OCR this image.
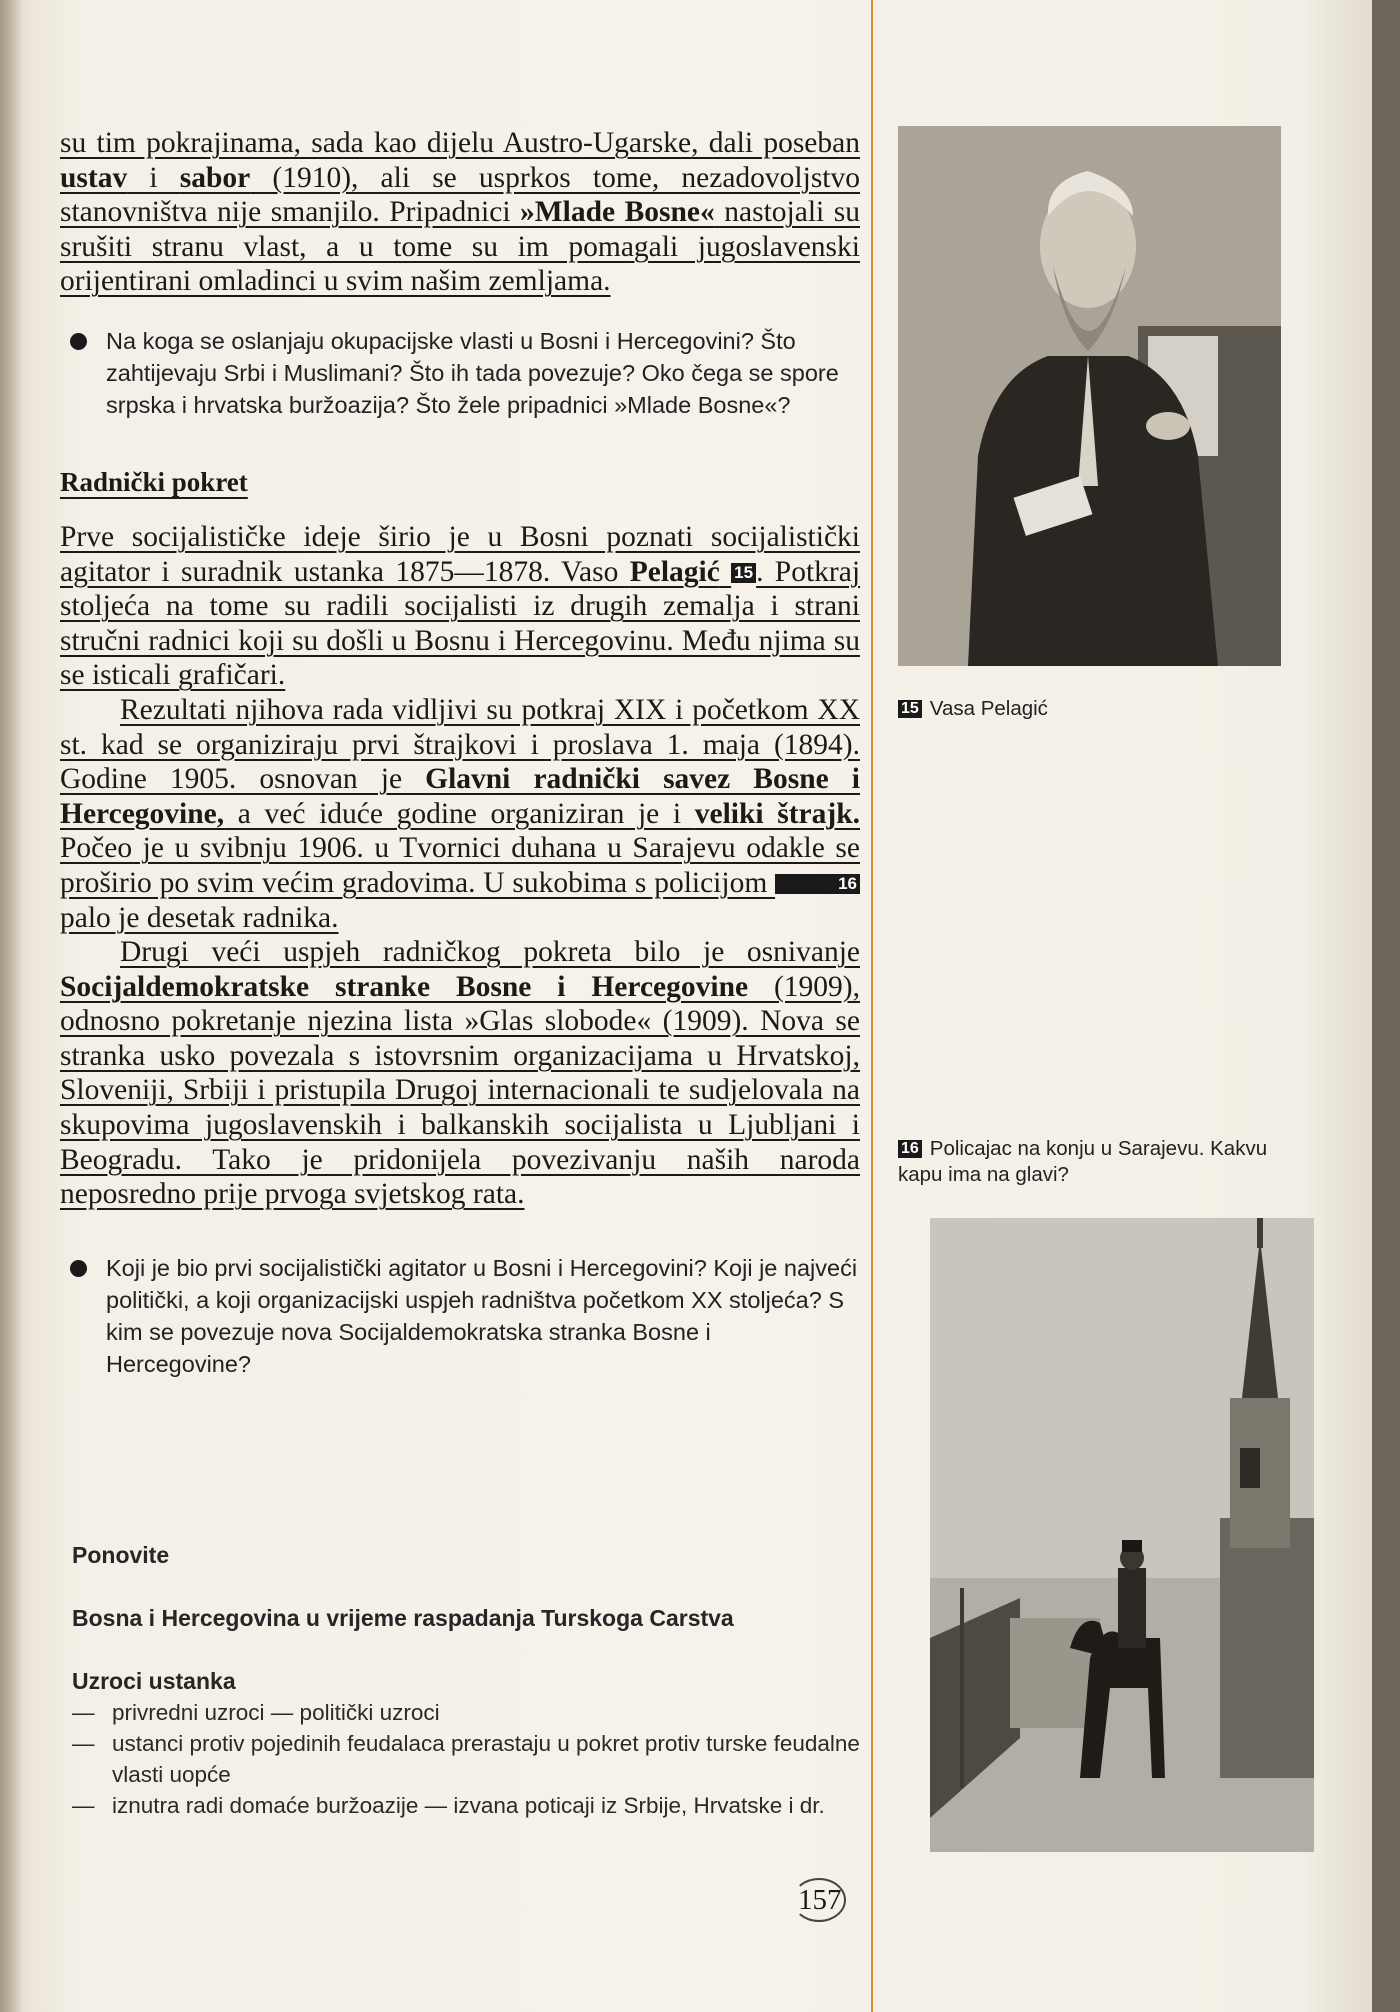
su tim pokrajinama, sada kao dijelu Austro-Ugarske, dali poseban ustav i sabor (1910), ali se usprkos tome, nezadovoljstvo stanovništva nije smanjilo. Pripadnici »Mlade Bosne« nastojali su srušiti stranu vlast, a u tome su im pomagali jugoslavenski orijentirani omladinci u svim našim zemljama.

Na koga se oslanjaju okupacijske vlasti u Bosni i Hercegovini? Što zahtijevaju Srbi i Muslimani? Što ih tada povezuje? Oko čega se spore srpska i hrvatska buržoazija? Što žele pripadnici »Mlade Bosne«?
Radnički pokret

Prve socijalističke ideje širio je u Bosni poznati socijalistički agitator i suradnik ustanka 1875—1878. Vaso Pelagić 15 . Potkraj stoljeća na tome su radili socijalisti iz drugih zemalja i strani stručni radnici koji su došli u Bosnu i Hercegovinu. Među njima su se isticali grafičari.

Rezultati njihova rada vidljivi su potkraj XIX i početkom XX st. kad se organiziraju prvi štrajkovi i proslava 1. maja (1894). Godine 1905. osnovan je Glavni radnički savez Bosne i Hercegovine, a već iduće godine organiziran je i veliki štrajk. Počeo je u svibnju 1906. u Tvornici duhana u Sarajevu odakle se proširio po svim većim gradovima. U sukobima s policijom	16 palo je desetak radnika.

Drugi veći uspjeh radničkog pokreta bilo je osnivanje Socijaldemokratske stranke Bosne i Hercegovine (1909), odnosno pokretanje njezina lista »Glas slobode« (1909). Nova se stranka usko povezala s istovrsnim organizacijama u Hrvatskoj, Sloveniji, Srbiji i pristupila Drugoj internacionali te sudjelovala na skupovima jugoslavenskih i balkanskih socijalista u Ljubljani i Beogradu. Tako je pridonijela povezivanju naših naroda neposredno prije prvoga svjetskog rata.

Koji je bio prvi socijalistički agitator u Bosni i Hercegovini? Koji je najveći politički, a koji organizacijski uspjeh radništva početkom XX stoljeća? S kim se povezuje nova Socijaldemokratska stranka Bosne i Hercegovine?
Ponovite
Bosna i Hercegovina u vrijeme raspadanja Turskoga Carstva
Uzroci ustanka
— privredni uzroci — politički uzroci
— ustanci protiv pojedinih feudalaca prerastaju u pokret protiv turske feudalne vlasti uopće
— iznutra radi domaće buržoazije — izvana poticaji iz Srbije, Hrvatske i dr.
15 Vasa Pelagić
16 Policajac na konju u Sarajevu. Kakvu kapu ima na glavi?
157
